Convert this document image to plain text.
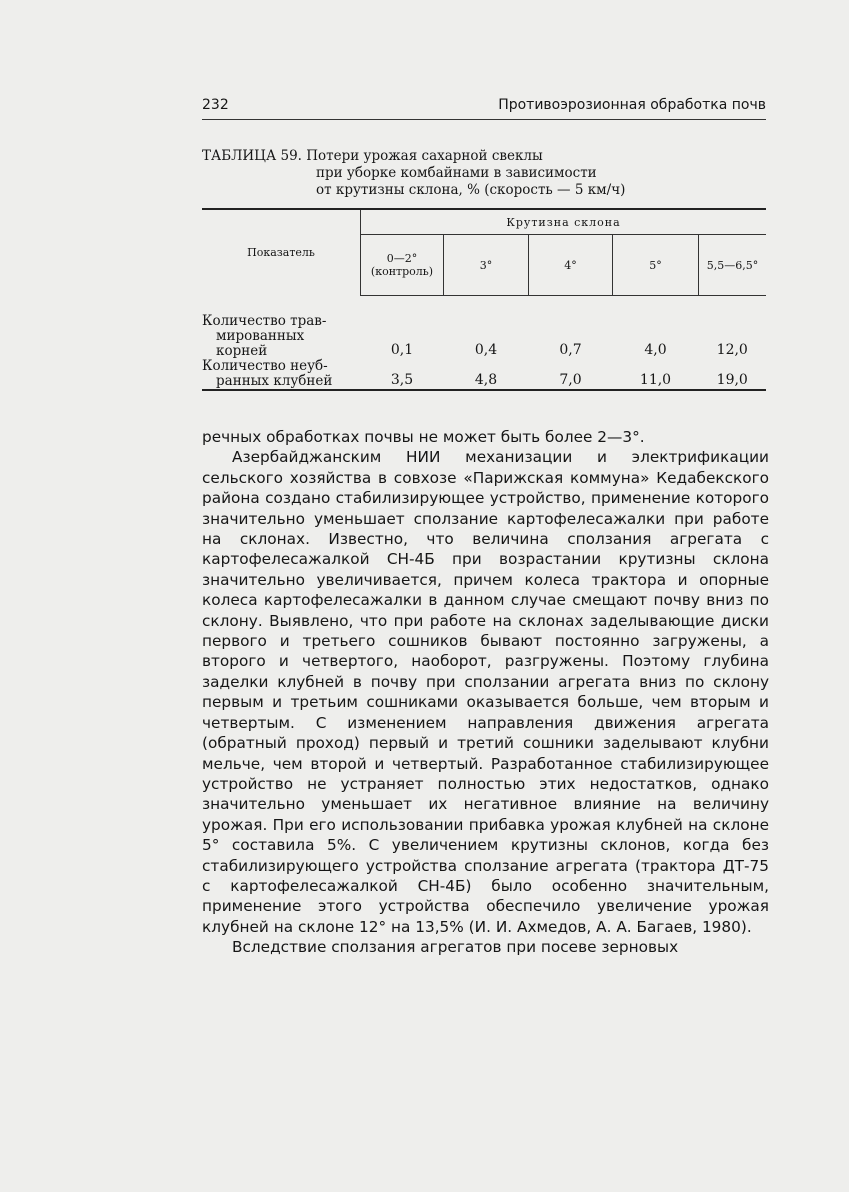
232	Противоэрозионная обработка почв
ТАБЛИЦА 59. Потери урожая сахарной свеклы
при уборке комбайнами в зависимости
от крутизны склона, % (скорость — 5 км/ч)
Показатель	Крутизна склона				
	0—2° (контроль)	3°	4°	5°	5,5—6,5°

Количество трав-
мированных
корней	0,1	0,4	0,7	4,0	12,0

Количество неуб-
ранных клубней	3,5	4,8	7,0	11,0	19,0

речных обработках почвы не может быть более 2—3°.

Азербайджанским НИИ механизации и электрификации сельского хозяйства в совхозе «Парижская коммуна» Кедабекского района создано стабилизирующее устройство, применение которого значительно уменьшает сползание картофелесажалки при работе на склонах. Известно, что величина сползания агрегата с картофелесажалкой СН-4Б при возрастании крутизны склона значительно увеличивается, причем колеса трактора и опорные колеса картофелесажалки в данном случае смещают почву вниз по склону. Выявлено, что при работе на склонах заделывающие диски первого и третьего сошников бывают постоянно загружены, а второго и четвертого, наоборот, разгружены. Поэтому глубина заделки клубней в почву при сползании агрегата вниз по склону первым и третьим сошниками оказывается больше, чем вторым и четвертым. С изменением направления движения агрегата (обратный проход) первый и третий сошники заделывают клубни мельче, чем второй и четвертый. Разработанное стабилизирующее устройство не устраняет полностью этих недостатков, однако значительно уменьшает их негативное влияние на величину урожая. При его использовании прибавка урожая клубней на склоне 5° составила 5%. С увеличением крутизны склонов, когда без стабилизирующего устройства сползание агрегата (трактора ДТ-75 с картофелесажалкой СН-4Б) было особенно значительным, применение этого устройства обеспечило увеличение урожая клубней на склоне 12° на 13,5% (И. И. Ахмедов, А. А. Багаев, 1980).

Вследствие сползания агрегатов при посеве зерновых
